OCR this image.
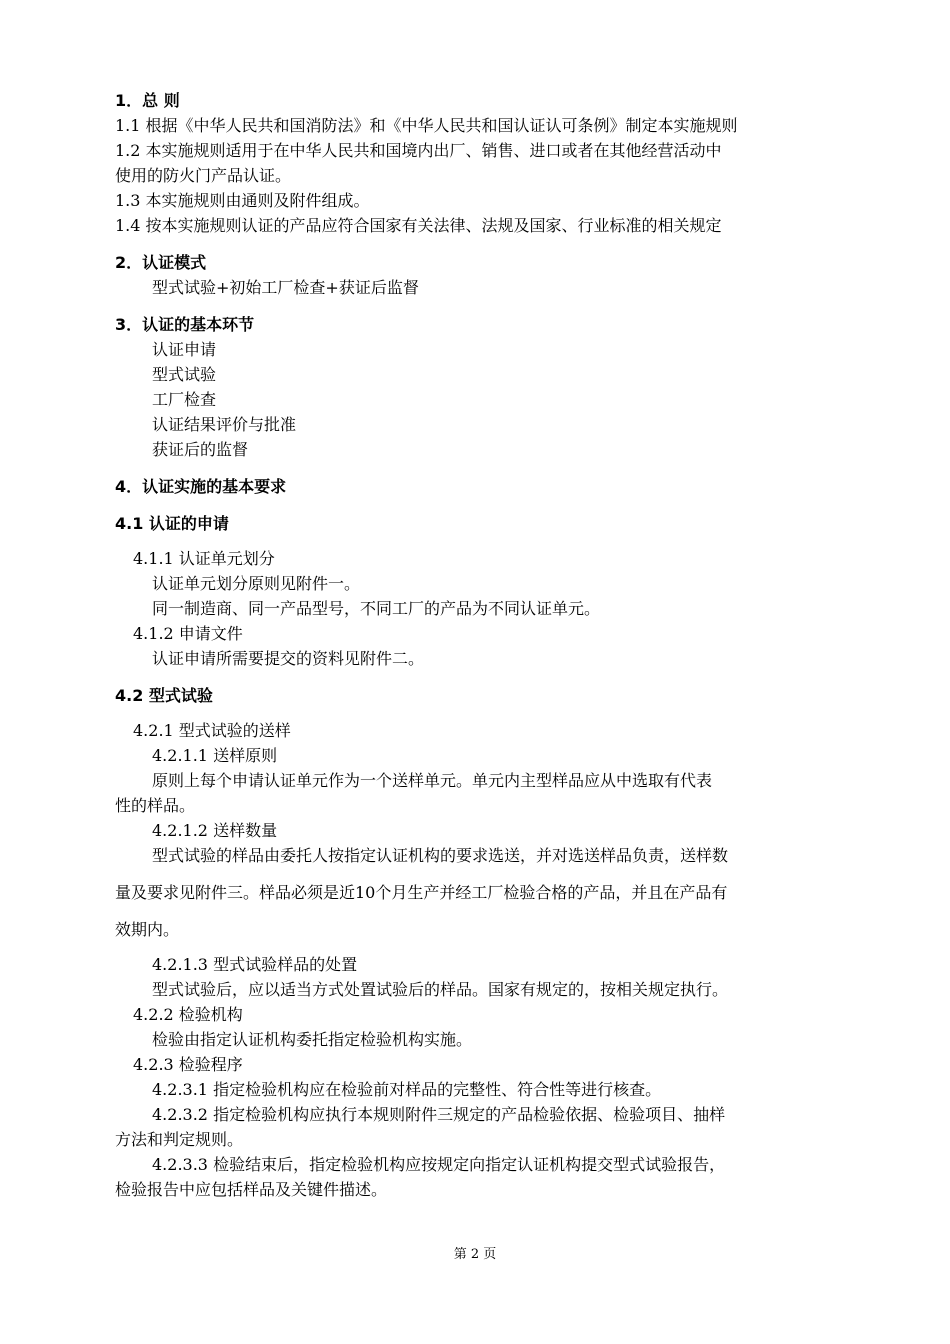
1．总 则
1.1 根据《中华人民共和国消防法》和《中华人民共和国认证认可条例》制定本实施规则
1.2 本实施规则适用于在中华人民共和国境内出厂、销售、进口或者在其他经营活动中
使用的防火门产品认证。
1.3 本实施规则由通则及附件组成。
1.4 按本实施规则认证的产品应符合国家有关法律、法规及国家、行业标准的相关规定
2．认证模式
型式试验+初始工厂检查+获证后监督
3．认证的基本环节
认证申请
型式试验
工厂检查
认证结果评价与批准
获证后的监督
4．认证实施的基本要求
4.1 认证的申请
4.1.1 认证单元划分
认证单元划分原则见附件一。
同一制造商、同一产品型号，不同工厂的产品为不同认证单元。
4.1.2 申请文件
认证申请所需要提交的资料见附件二。
4.2 型式试验
4.2.1 型式试验的送样
4.2.1.1 送样原则
原则上每个申请认证单元作为一个送样单元。单元内主型样品应从中选取有代表
性的样品。
4.2.1.2 送样数量
型式试验的样品由委托人按指定认证机构的要求选送，并对选送样品负责，送样数
量及要求见附件三。样品必须是近10个月生产并经工厂检验合格的产品，并且在产品有
效期内。
4.2.1.3 型式试验样品的处置
型式试验后，应以适当方式处置试验后的样品。国家有规定的，按相关规定执行。
4.2.2 检验机构
检验由指定认证机构委托指定检验机构实施。
4.2.3 检验程序
4.2.3.1 指定检验机构应在检验前对样品的完整性、符合性等进行核查。
4.2.3.2 指定检验机构应执行本规则附件三规定的产品检验依据、检验项目、抽样
方法和判定规则。
4.2.3.3 检验结束后，指定检验机构应按规定向指定认证机构提交型式试验报告，
检验报告中应包括样品及关键件描述。
第 2 页
